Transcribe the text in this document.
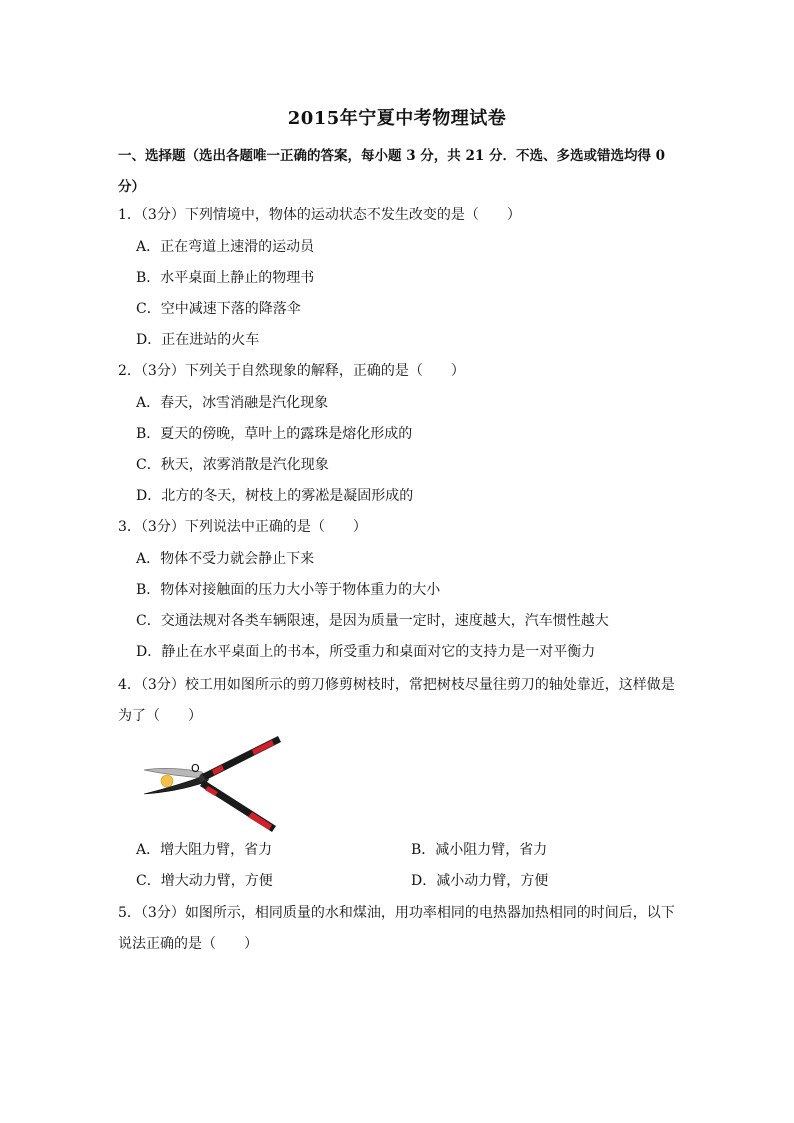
2015年宁夏中考物理试卷
一、选择题（选出各题唯一正确的答案，每小题 3 分，共 21 分．不选、多选或错选均得 0 分）
1．（3分）下列情境中，物体的运动状态不发生改变的是（　　）
A．正在弯道上速滑的运动员
B．水平桌面上静止的物理书
C．空中减速下落的降落伞
D．正在进站的火车
2．（3分）下列关于自然现象的解释，正确的是（　　）
A．春天，冰雪消融是汽化现象
B．夏天的傍晚，草叶上的露珠是熔化形成的
C．秋天，浓雾消散是汽化现象
D．北方的冬天，树枝上的雾凇是凝固形成的
3．（3分）下列说法中正确的是（　　）
A．物体不受力就会静止下来
B．物体对接触面的压力大小等于物体重力的大小
C．交通法规对各类车辆限速，是因为质量一定时，速度越大，汽车惯性越大
D．静止在水平桌面上的书本，所受重力和桌面对它的支持力是一对平衡力
4．（3分）校工用如图所示的剪刀修剪树枝时，常把树枝尽量往剪刀的轴处靠近，这样做是为了（　　）
O
A．增大阻力臂，省力	B．减小阻力臂，省力
C．增大动力臂，方便	D．减小动力臂，方便
5．（3分）如图所示，相同质量的水和煤油，用功率相同的电热器加热相同的时间后，以下说法正确的是（　　）
